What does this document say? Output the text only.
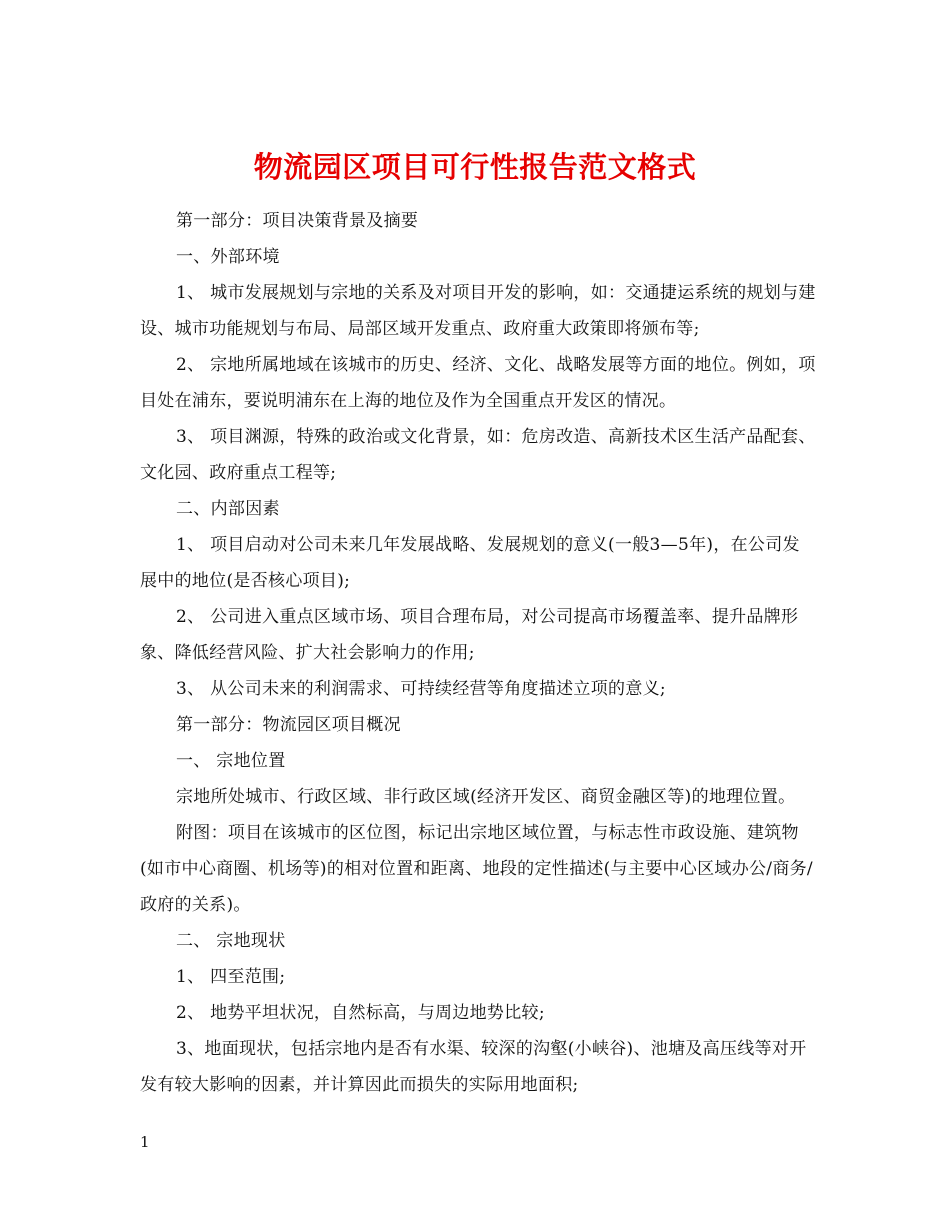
物流园区项目可行性报告范文格式

第一部分：项目决策背景及摘要

一、外部环境

1、 城市发展规划与宗地的关系及对项目开发的影响，如：交通捷运系统的规划与建设、城市功能规划与布局、局部区域开发重点、政府重大政策即将颁布等;

2、 宗地所属地域在该城市的历史、经济、文化、战略发展等方面的地位。例如，项目处在浦东，要说明浦东在上海的地位及作为全国重点开发区的情况。

3、 项目渊源，特殊的政治或文化背景，如：危房改造、高新技术区生活产品配套、文化园、政府重点工程等;

二、内部因素

1、 项目启动对公司未来几年发展战略、发展规划的意义(一般3—5年)，在公司发展中的地位(是否核心项目);

2、 公司进入重点区域市场、项目合理布局，对公司提高市场覆盖率、提升品牌形象、降低经营风险、扩大社会影响力的作用;

3、 从公司未来的利润需求、可持续经营等角度描述立项的意义;

第一部分：物流园区项目概况

一、 宗地位置

宗地所处城市、行政区域、非行政区域(经济开发区、商贸金融区等)的地理位置。

附图：项目在该城市的区位图，标记出宗地区域位置，与标志性市政设施、建筑物(如市中心商圈、机场等)的相对位置和距离、地段的定性描述(与主要中心区域办公/商务/政府的关系)。

二、 宗地现状

1、 四至范围;

2、 地势平坦状况，自然标高，与周边地势比较;

3、地面现状，包括宗地内是否有水渠、较深的沟壑(小峡谷)、池塘及高压线等对开发有较大影响的因素，并计算因此而损失的实际用地面积;

1
